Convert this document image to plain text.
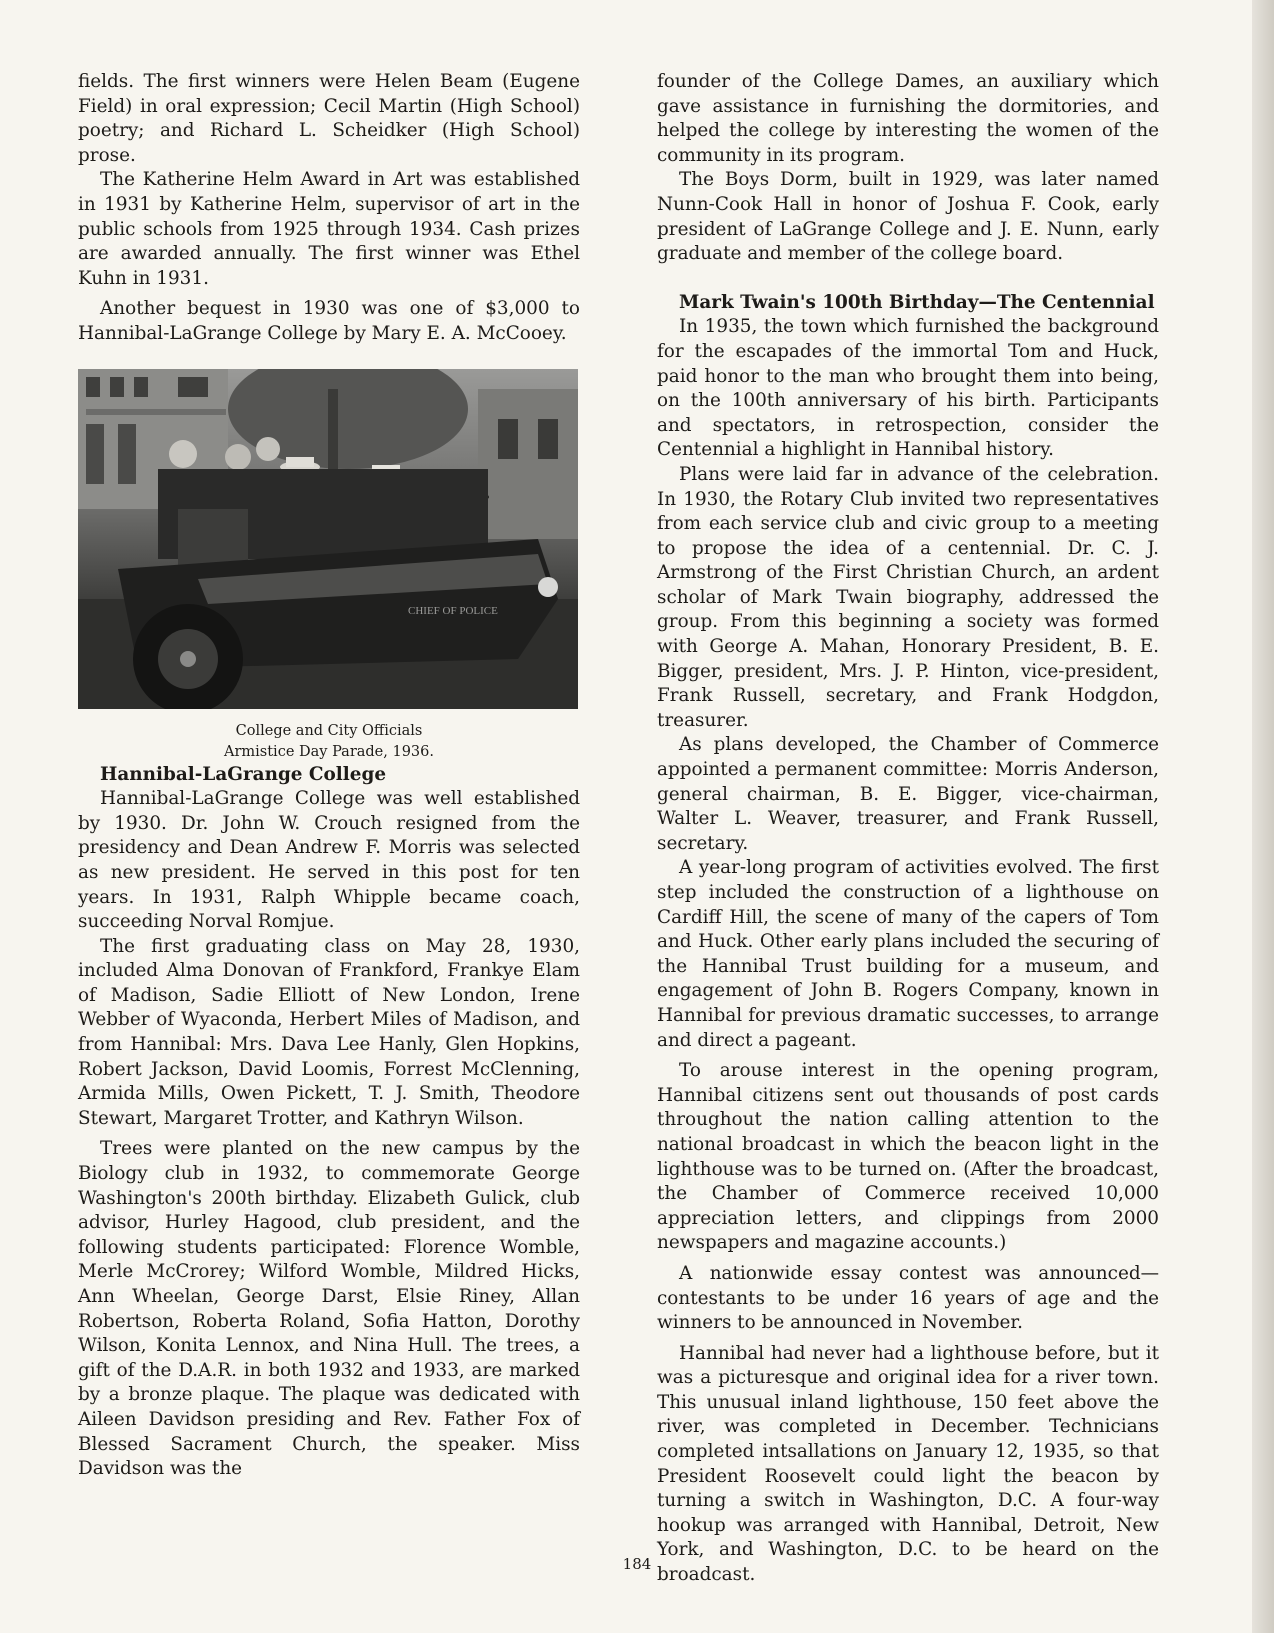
fields. The first winners were Helen Beam (Eugene Field) in oral expression; Cecil Martin (High School) poetry; and Richard L. Scheidker (High School) prose.

The Katherine Helm Award in Art was established in 1931 by Katherine Helm, supervisor of art in the public schools from 1925 through 1934. Cash prizes are awarded annually. The first winner was Ethel Kuhn in 1931.

Another bequest in 1930 was one of $3,000 to Hannibal-LaGrange College by Mary E. A. McCooey.

CHIEF OF POLICE

College and City Officials
Armistice Day Parade, 1936.

Hannibal-LaGrange College

Hannibal-LaGrange College was well established by 1930. Dr. John W. Crouch resigned from the presidency and Dean Andrew F. Morris was selected as new president. He served in this post for ten years. In 1931, Ralph Whipple became coach, succeeding Norval Romjue.

The first graduating class on May 28, 1930, included Alma Donovan of Frankford, Frankye Elam of Madison, Sadie Elliott of New London, Irene Webber of Wyaconda, Herbert Miles of Madison, and from Hannibal: Mrs. Dava Lee Hanly, Glen Hopkins, Robert Jackson, David Loomis, Forrest McClenning, Armida Mills, Owen Pickett, T. J. Smith, Theodore Stewart, Margaret Trotter, and Kathryn Wilson.

Trees were planted on the new campus by the Biology club in 1932, to commemorate George Washington's 200th birthday. Elizabeth Gulick, club advisor, Hurley Hagood, club president, and the following students participated: Florence Womble, Merle McCrorey; Wilford Womble, Mildred Hicks, Ann Wheelan, George Darst, Elsie Riney, Allan Robertson, Roberta Roland, Sofia Hatton, Dorothy Wilson, Konita Lennox, and Nina Hull. The trees, a gift of the D.A.R. in both 1932 and 1933, are marked by a bronze plaque. The plaque was dedicated with Aileen Davidson presiding and Rev. Father Fox of Blessed Sacrament Church, the speaker. Miss Davidson was the

founder of the College Dames, an auxiliary which gave assistance in furnishing the dormitories, and helped the college by interesting the women of the community in its program.

The Boys Dorm, built in 1929, was later named Nunn-Cook Hall in honor of Joshua F. Cook, early president of LaGrange College and J. E. Nunn, early graduate and member of the college board.

Mark Twain's 100th Birthday—The Centennial

In 1935, the town which furnished the background for the escapades of the immortal Tom and Huck, paid honor to the man who brought them into being, on the 100th anniversary of his birth. Participants and spectators, in retrospection, consider the Centennial a highlight in Hannibal history.

Plans were laid far in advance of the celebration. In 1930, the Rotary Club invited two representatives from each service club and civic group to a meeting to propose the idea of a centennial. Dr. C. J. Armstrong of the First Christian Church, an ardent scholar of Mark Twain biography, addressed the group. From this beginning a society was formed with George A. Mahan, Honorary President, B. E. Bigger, president, Mrs. J. P. Hinton, vice-president, Frank Russell, secretary, and Frank Hodgdon, treasurer.

As plans developed, the Chamber of Commerce appointed a permanent committee: Morris Anderson, general chairman, B. E. Bigger, vice-chairman, Walter L. Weaver, treasurer, and Frank Russell, secretary.

A year-long program of activities evolved. The first step included the construction of a lighthouse on Cardiff Hill, the scene of many of the capers of Tom and Huck. Other early plans included the securing of the Hannibal Trust building for a museum, and engagement of John B. Rogers Company, known in Hannibal for previous dramatic successes, to arrange and direct a pageant.

To arouse interest in the opening program, Hannibal citizens sent out thousands of post cards throughout the nation calling attention to the national broadcast in which the beacon light in the lighthouse was to be turned on. (After the broadcast, the Chamber of Commerce received 10,000 appreciation letters, and clippings from 2000 newspapers and magazine accounts.)

A nationwide essay contest was announced—contestants to be under 16 years of age and the winners to be announced in November.

Hannibal had never had a lighthouse before, but it was a picturesque and original idea for a river town. This unusual inland lighthouse, 150 feet above the river, was completed in December. Technicians completed intsallations on January 12, 1935, so that President Roosevelt could light the beacon by turning a switch in Washington, D.C. A four-way hookup was arranged with Hannibal, Detroit, New York, and Washington, D.C. to be heard on the broadcast.

184
